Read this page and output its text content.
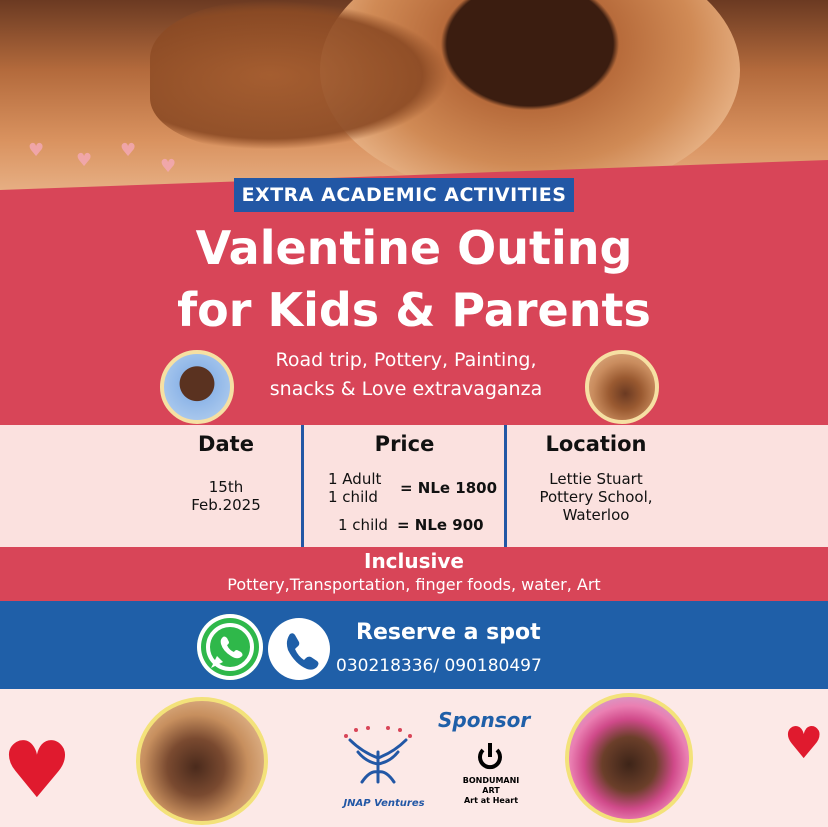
♥ ♥ ♥
♥
EXTRA ACADEMIC ACTIVITIES
Valentine Outing
for Kids & Parents
Road trip, Pottery, Painting,
snacks & Love extravaganza
Date
15th
Feb.2025
Price
1 Adult
1 child	= NLe 1800
1 child = NLe 900
Location
Lettie Stuart
Pottery School,
Waterloo
Inclusive
Pottery,Transportation, finger foods, water, Art
Reserve a spot
030218336/ 090180497
♥	♥
JNAP Ventures
Sponsor
BONDUMANI ART
Art at Heart
